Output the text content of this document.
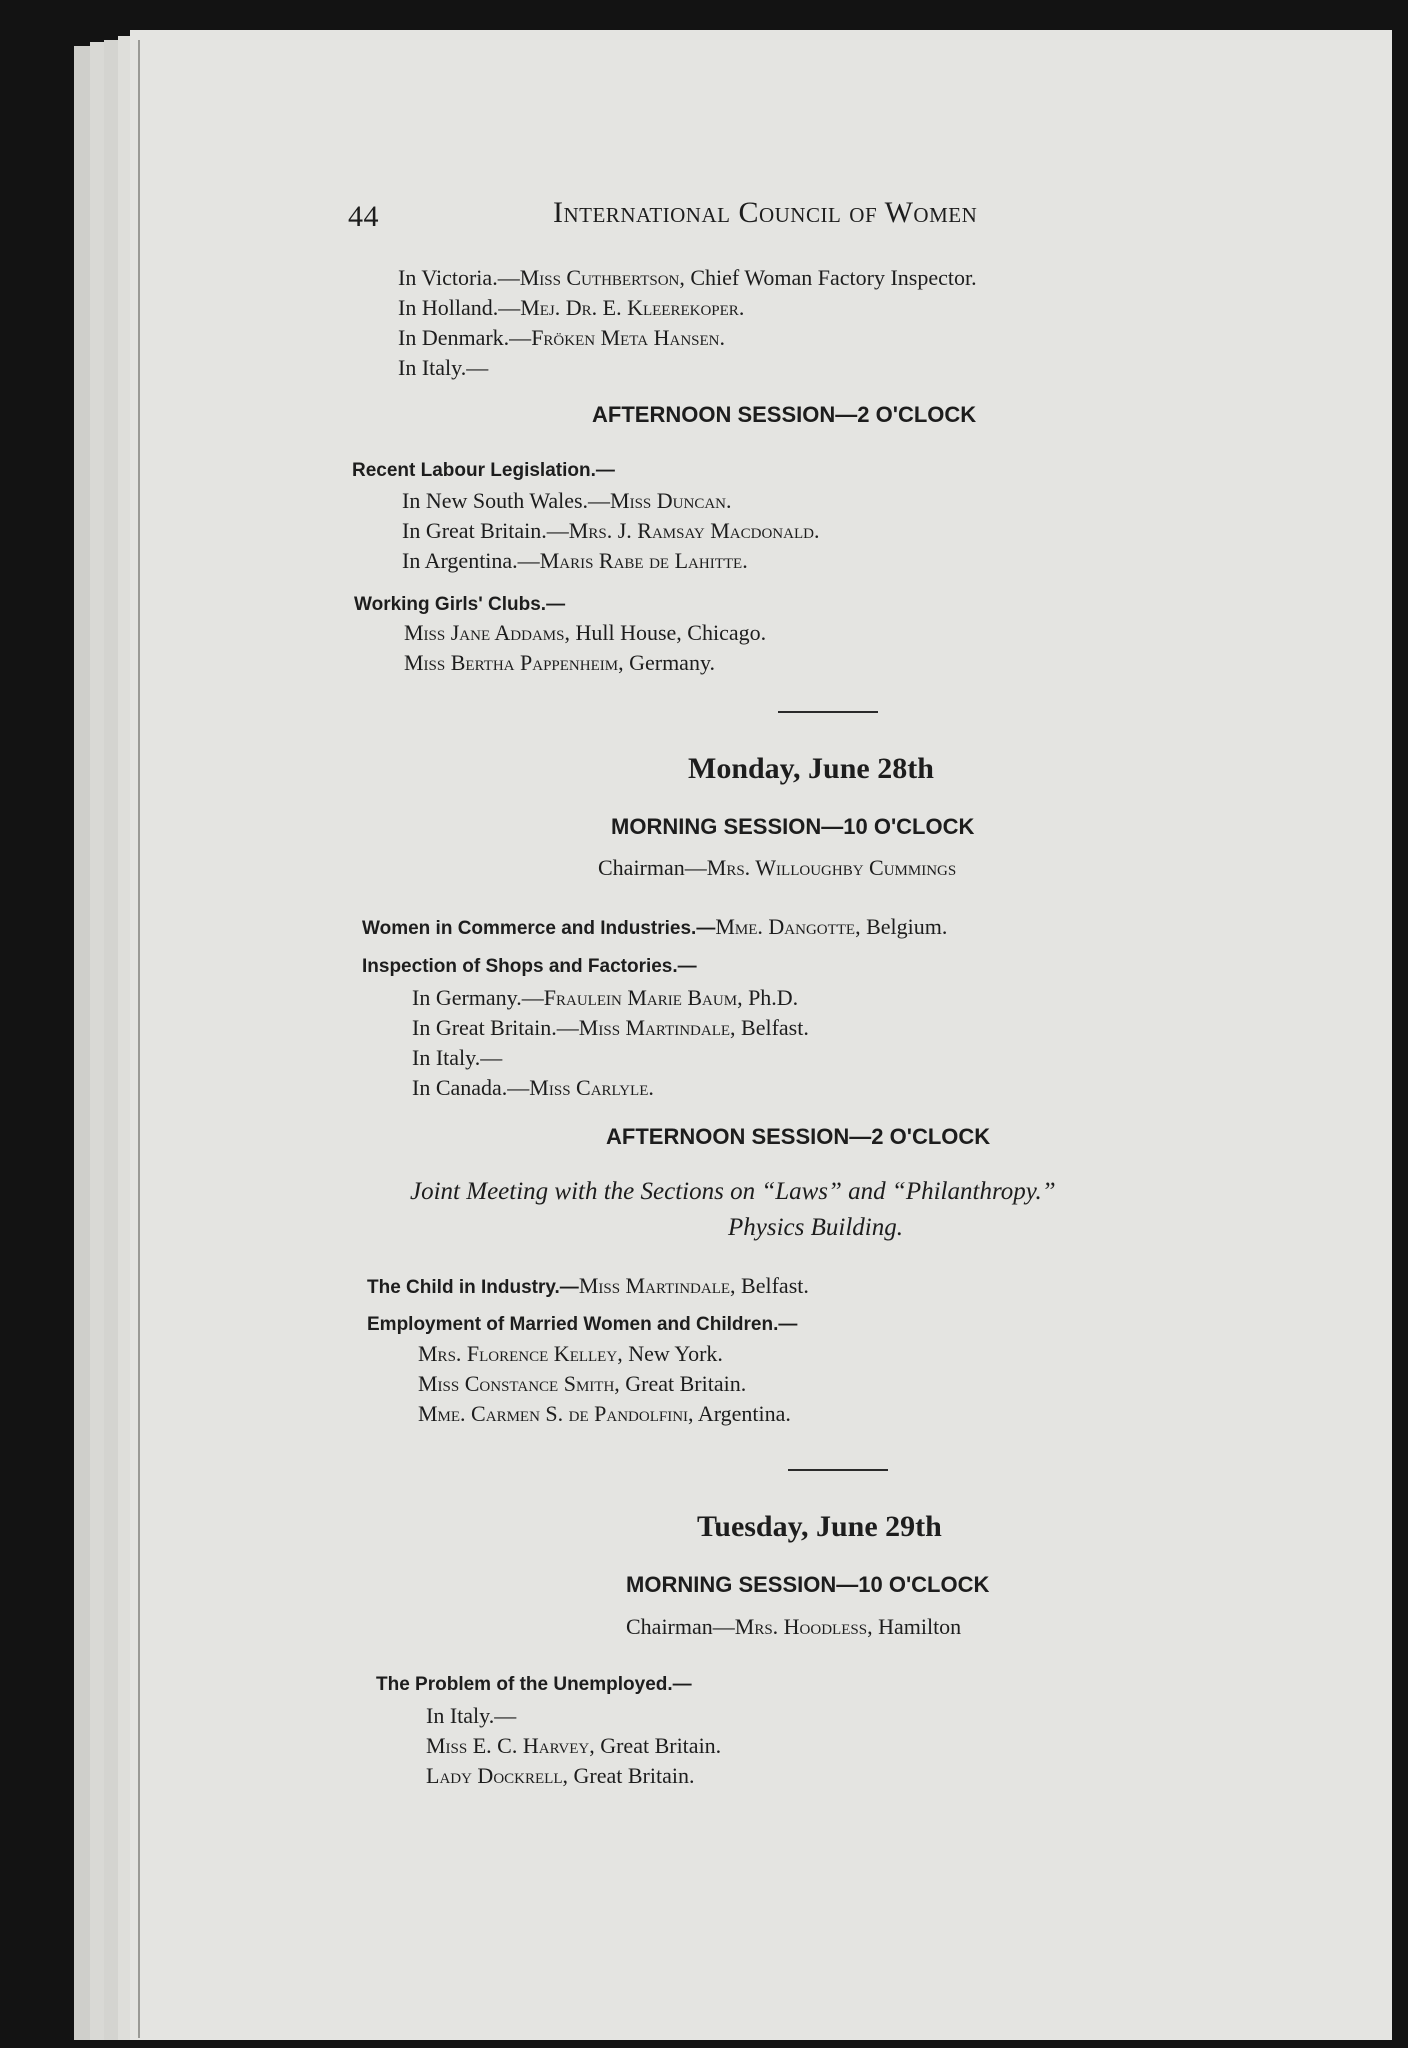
44	International Council of Women
In Victoria.—Miss Cuthbertson, Chief Woman Factory Inspector.
In Holland.—Mej. Dr. E. Kleerekoper.
In Denmark.—Fröken Meta Hansen.
In Italy.—
AFTERNOON SESSION—2 O'CLOCK
Recent Labour Legislation.—
In New South Wales.—Miss Duncan.
In Great Britain.—Mrs. J. Ramsay Macdonald.
In Argentina.—Maris Rabe de Lahitte.
Working Girls' Clubs.—
Miss Jane Addams, Hull House, Chicago.
Miss Bertha Pappenheim, Germany.
Monday, June 28th
MORNING SESSION—10 O'CLOCK
Chairman—Mrs. Willoughby Cummings
Women in Commerce and Industries.—Mme. Dangotte, Belgium.
Inspection of Shops and Factories.—
In Germany.—Fraulein Marie Baum, Ph.D.
In Great Britain.—Miss Martindale, Belfast.
In Italy.—
In Canada.—Miss Carlyle.
AFTERNOON SESSION—2 O'CLOCK
Joint Meeting with the Sections on “Laws” and “Philanthropy.”
Physics Building.
The Child in Industry.—Miss Martindale, Belfast.
Employment of Married Women and Children.—
Mrs. Florence Kelley, New York.
Miss Constance Smith, Great Britain.
Mme. Carmen S. de Pandolfini, Argentina.
Tuesday, June 29th
MORNING SESSION—10 O'CLOCK
Chairman—Mrs. Hoodless, Hamilton
The Problem of the Unemployed.—
In Italy.—
Miss E. C. Harvey, Great Britain.
Lady Dockrell, Great Britain.
